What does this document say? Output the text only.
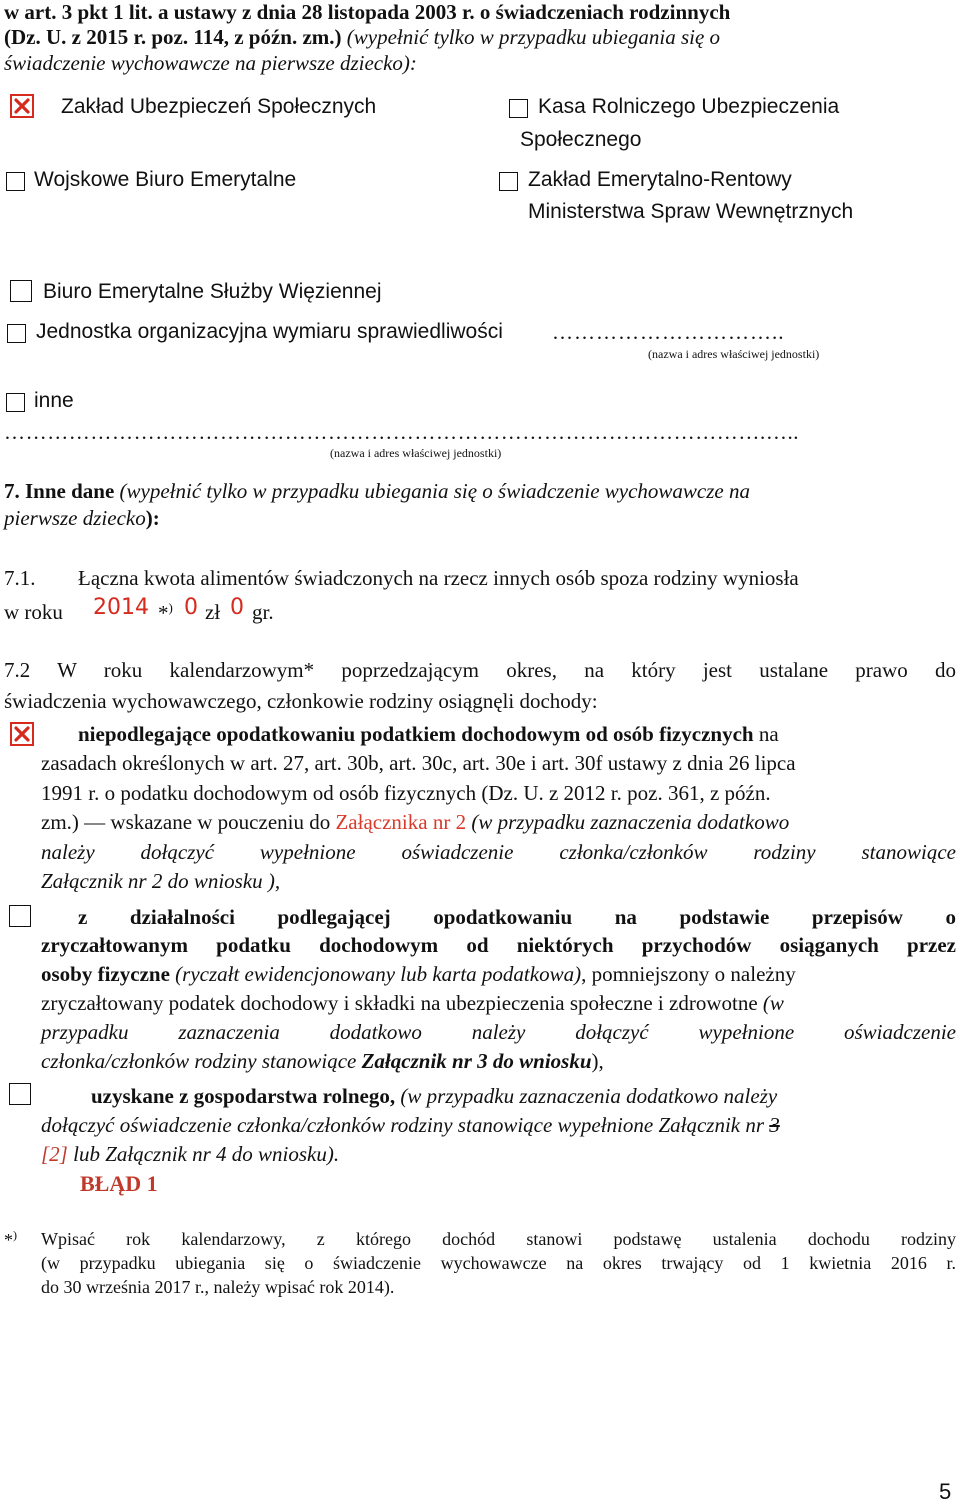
w art. 3 pkt 1 lit. a ustawy z dnia 28 listopada 2003 r. o świadczeniach rodzinnych
(Dz. U. z 2015 r. poz. 114, z późn. zm.) (wypełnić tylko w przypadku ubiegania się o
świadczenie wychowawcze na pierwsze dziecko):
Zakład Ubezpieczeń Społecznych	Kasa Rolniczego Ubezpieczenia
Społecznego
Wojskowe Biuro Emerytalne	Zakład Emerytalno-Rentowy
Ministerstwa Spraw Wewnętrznych
Biuro Emerytalne Służby Więziennej
Jednostka organizacyjna wymiaru sprawiedliwości …………………………..
(nazwa i adres właściwej jednostki)
inne
…………………………………………………………………………………………….…..
(nazwa i adres właściwej jednostki)
7. Inne dane (wypełnić tylko w przypadku ubiegania się o świadczenie wychowawcze na
pierwsze dziecko):
7.1. Łączna kwota alimentów świadczonych na rzecz innych osób spoza rodziny wyniosła
w roku 2014 *) 0 zł 0 gr.
7.2 W roku kalendarzowym* poprzedzającym okres, na który jest ustalane prawo do
świadczenia wychowawczego, członkowie rodziny osiągnęli dochody:
niepodlegające opodatkowaniu podatkiem dochodowym od osób fizycznych na
zasadach określonych w art. 27, art. 30b, art. 30c, art. 30e i art. 30f ustawy z dnia 26 lipca
1991 r. o podatku dochodowym od osób fizycznych (Dz. U. z 2012 r. poz. 361, z późn.
zm.) ― wskazane w pouczeniu do Załącznika nr 2 (w przypadku zaznaczenia dodatkowo
należy dołączyć wypełnione oświadczenie członka/członków rodziny stanowiące
Załącznik nr 2 do wniosku ),
z działalności podlegającej opodatkowaniu na podstawie przepisów o
zryczałtowanym podatku dochodowym od niektórych przychodów osiąganych przez
osoby fizyczne (ryczałt ewidencjonowany lub karta podatkowa), pomniejszony o należny
zryczałtowany podatek dochodowy i składki na ubezpieczenia społeczne i zdrowotne (w
przypadku zaznaczenia dodatkowo należy dołączyć wypełnione oświadczenie
członka/członków rodziny stanowiące Załącznik nr 3 do wniosku),
uzyskane z gospodarstwa rolnego, (w przypadku zaznaczenia dodatkowo należy
dołączyć oświadczenie członka/członków rodziny stanowiące wypełnione Załącznik nr 3
[2] lub Załącznik nr 4 do wniosku).
BŁĄD 1
*) Wpisać rok kalendarzowy, z którego dochód stanowi podstawę ustalenia dochodu rodziny
(w przypadku ubiegania się o świadczenie wychowawcze na okres trwający od 1 kwietnia 2016 r.
do 30 września 2017 r., należy wpisać rok 2014).
5
